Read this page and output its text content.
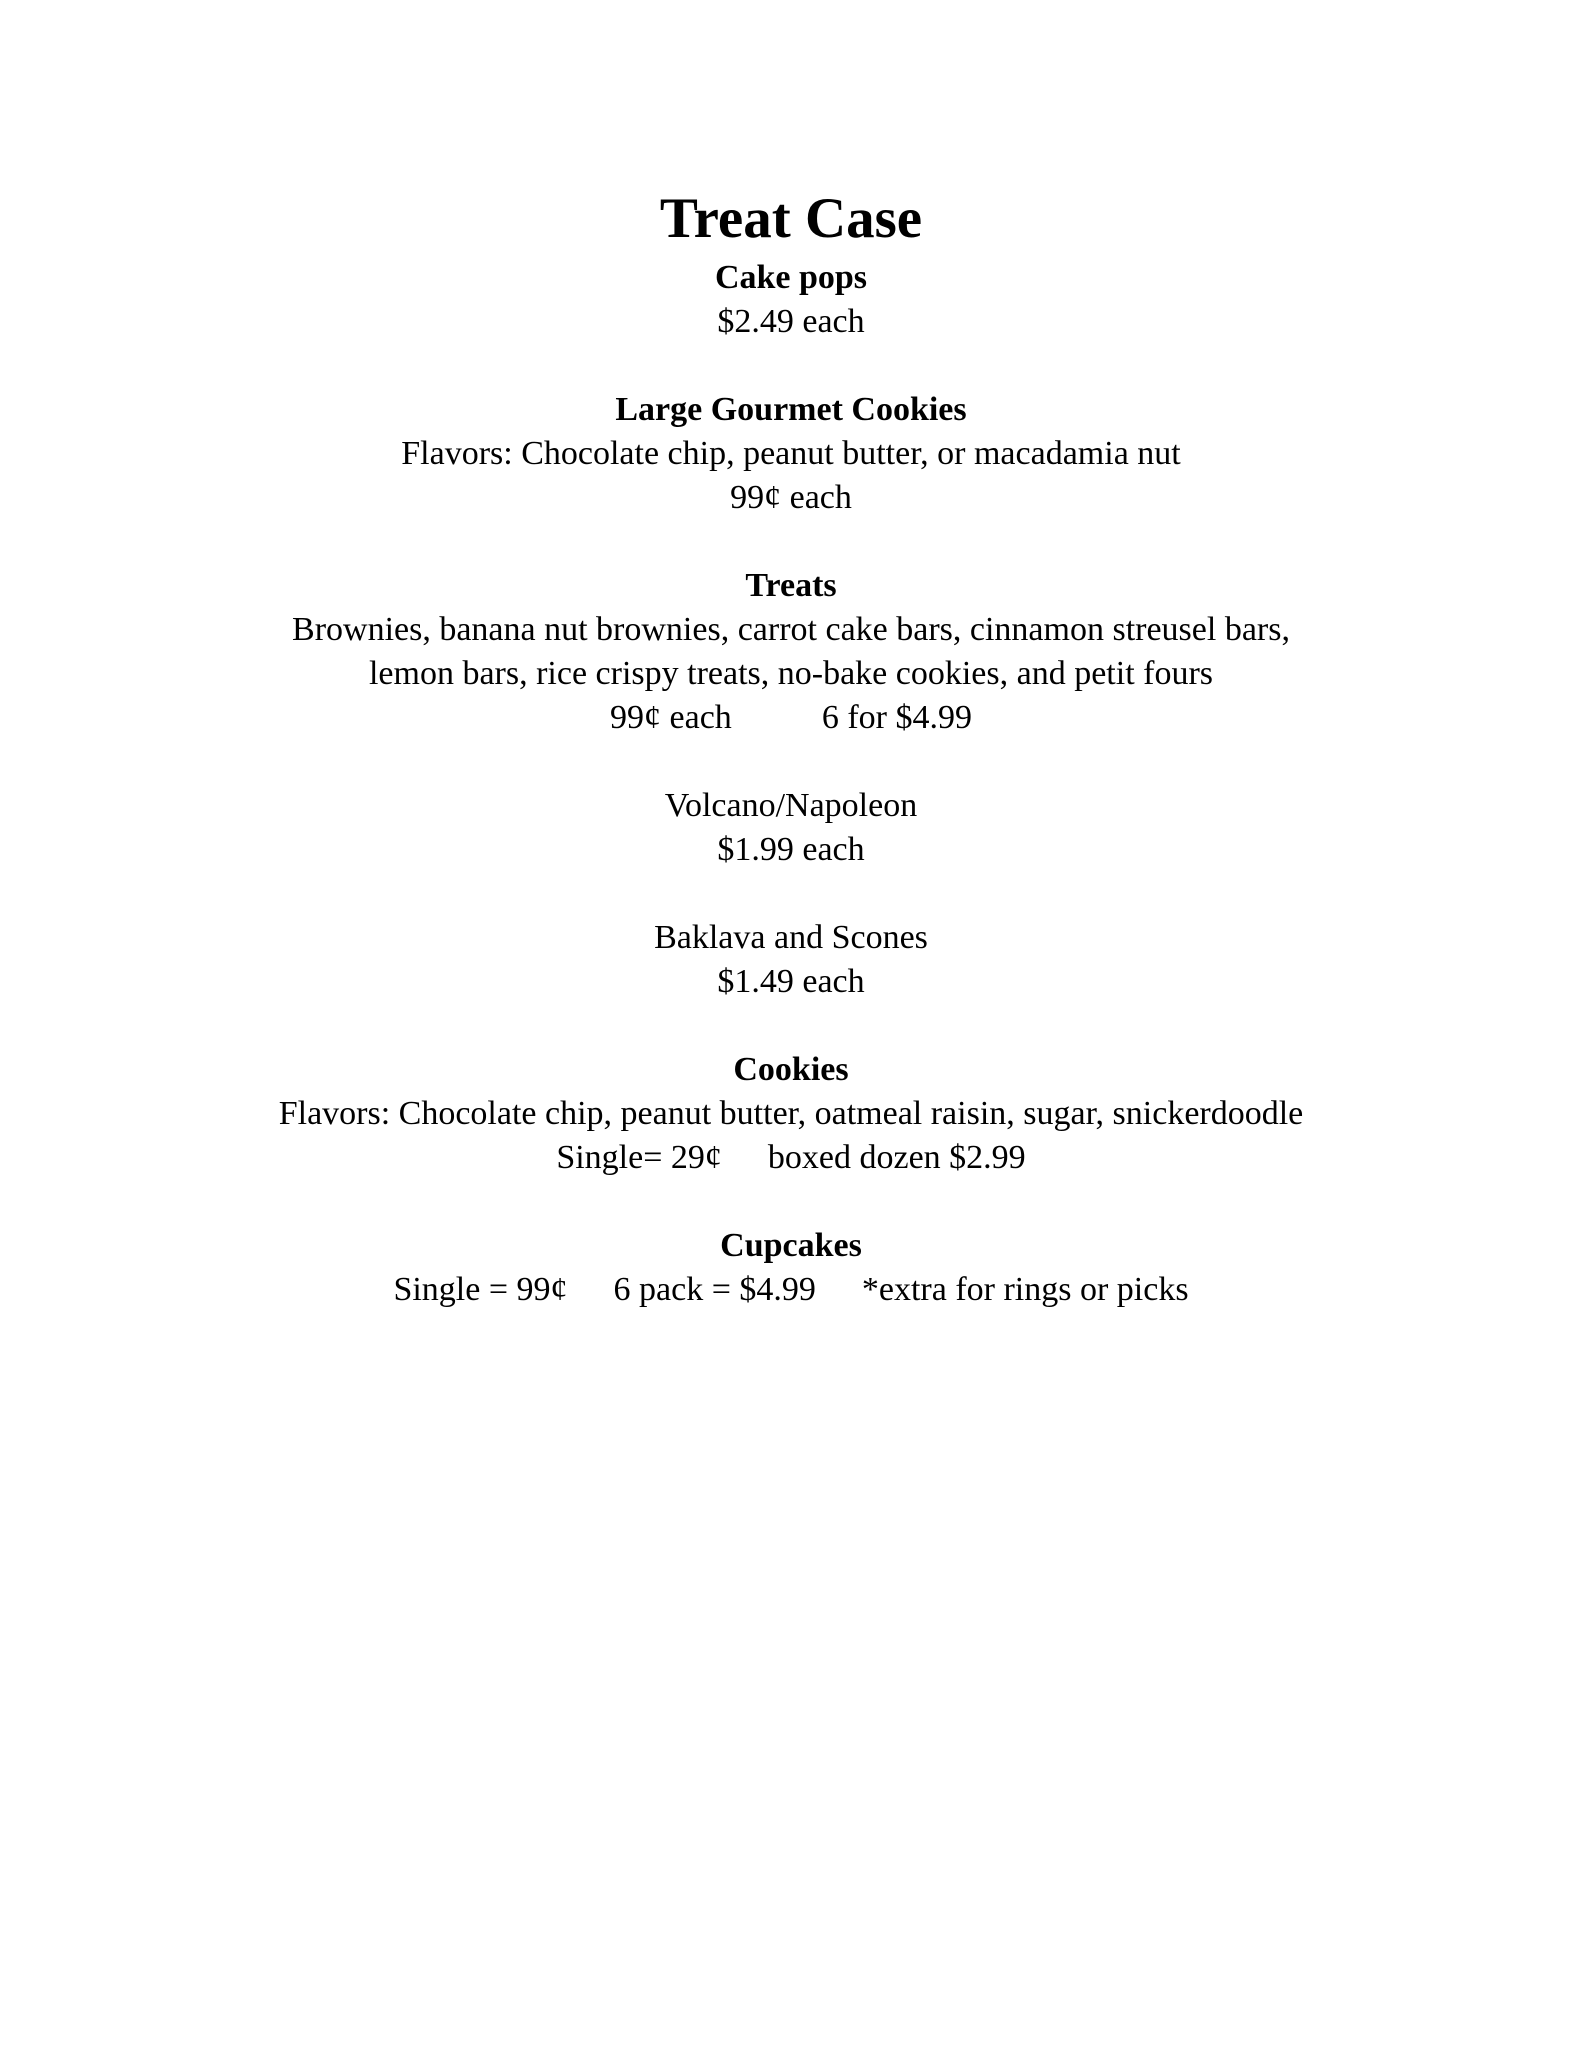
Treat Case
Cake pops
$2.49 each
Large Gourmet Cookies
Flavors: Chocolate chip, peanut butter, or macadamia nut
99¢ each
Treats
Brownies, banana nut brownies, carrot cake bars, cinnamon streusel bars,
lemon bars, rice crispy treats, no-bake cookies, and petit fours
99¢ each	6 for $4.99
Volcano/Napoleon
$1.99 each
Baklava and Scones
$1.49 each
Cookies
Flavors: Chocolate chip, peanut butter, oatmeal raisin, sugar, snickerdoodle
Single= 29¢ boxed dozen $2.99
Cupcakes
Single = 99¢ 6 pack = $4.99 *extra for rings or picks
